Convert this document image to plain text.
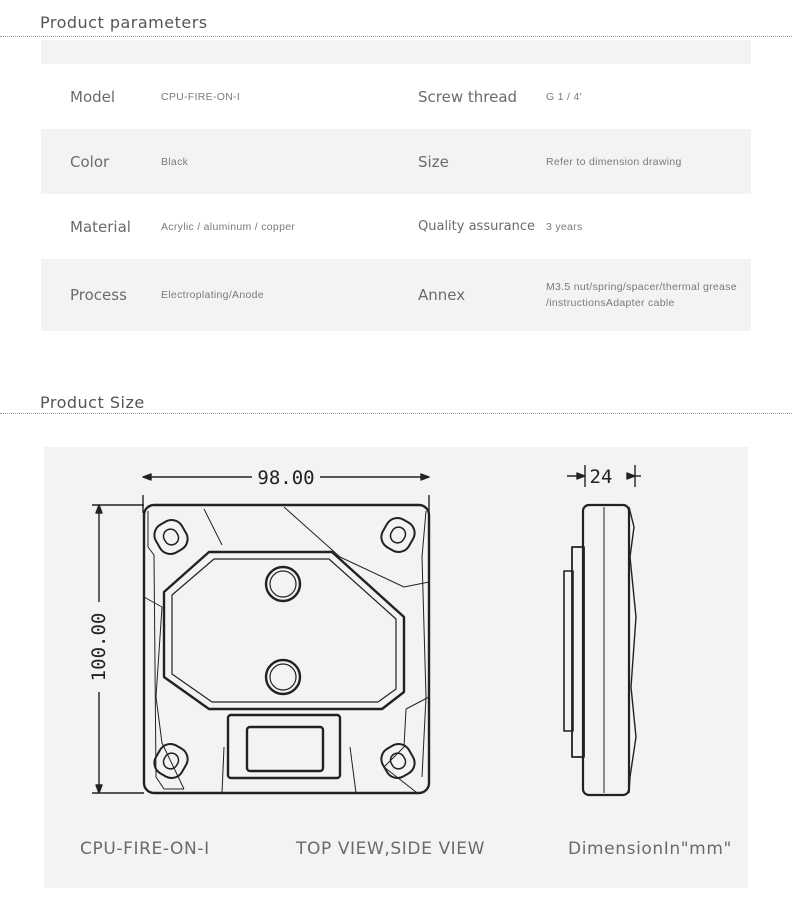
Product parameters
Model	CPU-FIRE-ON-I	Screw thread	G 1 / 4'
Color	Black	Size	Refer to dimension drawing
Material	Acrylic / aluminum / copper	Quality assurance 3 years
Process	Electroplating/Anode	Annex	M3.5 nut/spring/spacer/thermal grease /instructionsAdapter cable
Product Size
98.00
100.00
24
CPU-FIRE-ON-I	TOP VIEW,SIDE VIEW	DimensionIn"mm"
